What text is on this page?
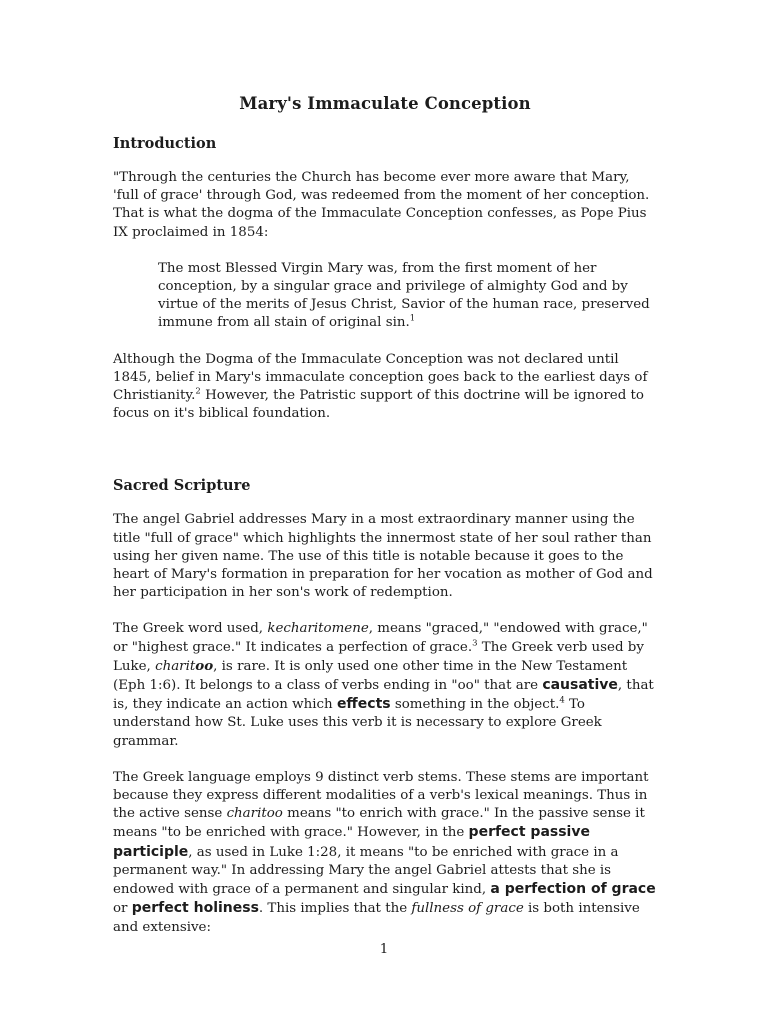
Mary's Immaculate Conception
Introduction

"Through the centuries the Church has become ever more aware that Mary, 'full of grace' through God, was redeemed from the moment of her conception. That is what the dogma of the Immaculate Conception confesses, as Pope Pius IX proclaimed in 1854:

The most Blessed Virgin Mary was, from the first moment of her conception, by a singular grace and privilege of almighty God and by virtue of the merits of Jesus Christ, Savior of the human race, preserved immune from all stain of original sin.$^1$

Although the Dogma of the Immaculate Conception was not declared until 1845, belief in Mary's immaculate conception goes back to the earliest days of Christianity.$^2$ However, the Patristic support of this doctrine will be ignored to focus on it's biblical foundation.

Sacred Scripture

The angel Gabriel addresses Mary in a most extraordinary manner using the title "full of grace" which highlights the innermost state of her soul rather than using her given name. The use of this title is notable because it goes to the heart of Mary's formation in preparation for her vocation as mother of God and her participation in her son's work of redemption.

The Greek word used, kecharitomene, means "graced," "endowed with grace," or "highest grace." It indicates a perfection of grace.$^3$ The Greek verb used by Luke, charitoo, is rare. It is only used one other time in the New Testament (Eph 1:6). It belongs to a class of verbs ending in "oo" that are causative, that is, they indicate an action which effects something in the object.$^4$ To understand how St. Luke uses this verb it is necessary to explore Greek grammar.

The Greek language employs 9 distinct verb stems. These stems are important because they express different modalities of a verb's lexical meanings. Thus in the active sense charitoo means "to enrich with grace." In the passive sense it means "to be enriched with grace." However, in the perfect passive participle, as used in Luke 1:28, it means "to be enriched with grace in a permanent way." In addressing Mary the angel Gabriel attests that she is endowed with grace of a permanent and singular kind, a perfection of grace or perfect holiness. This implies that the fullness of grace is both intensive and extensive:

1
